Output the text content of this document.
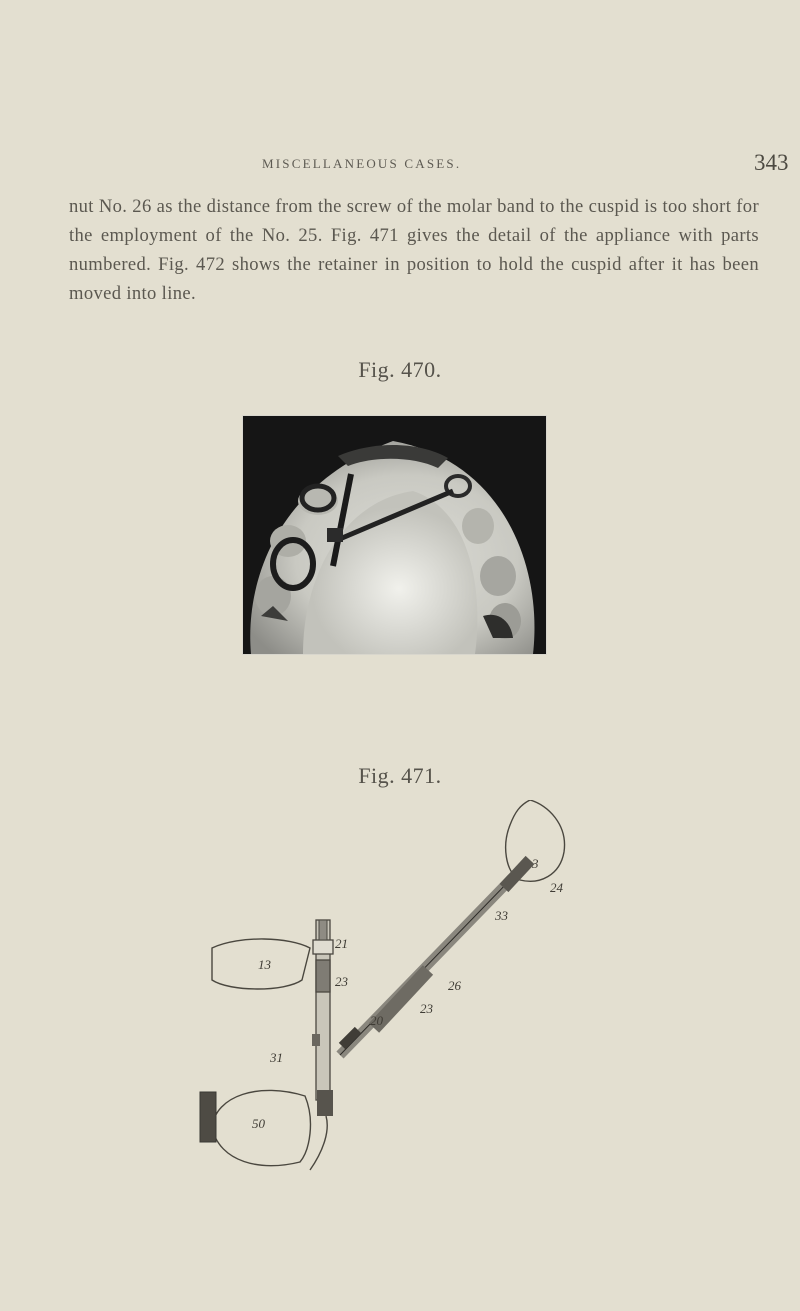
MISCELLANEOUS CASES.	343

nut No. 26 as the distance from the screw of the molar band to the cuspid is too short for the employment of the No. 25. Fig. 471 gives the detail of the appliance with parts numbered. Fig. 472 shows the retainer in position to hold the cuspid after it has been moved into line.

Fig. 470.
Fig. 471.
3
24
33
21
13
23	26
23
20
31
50
